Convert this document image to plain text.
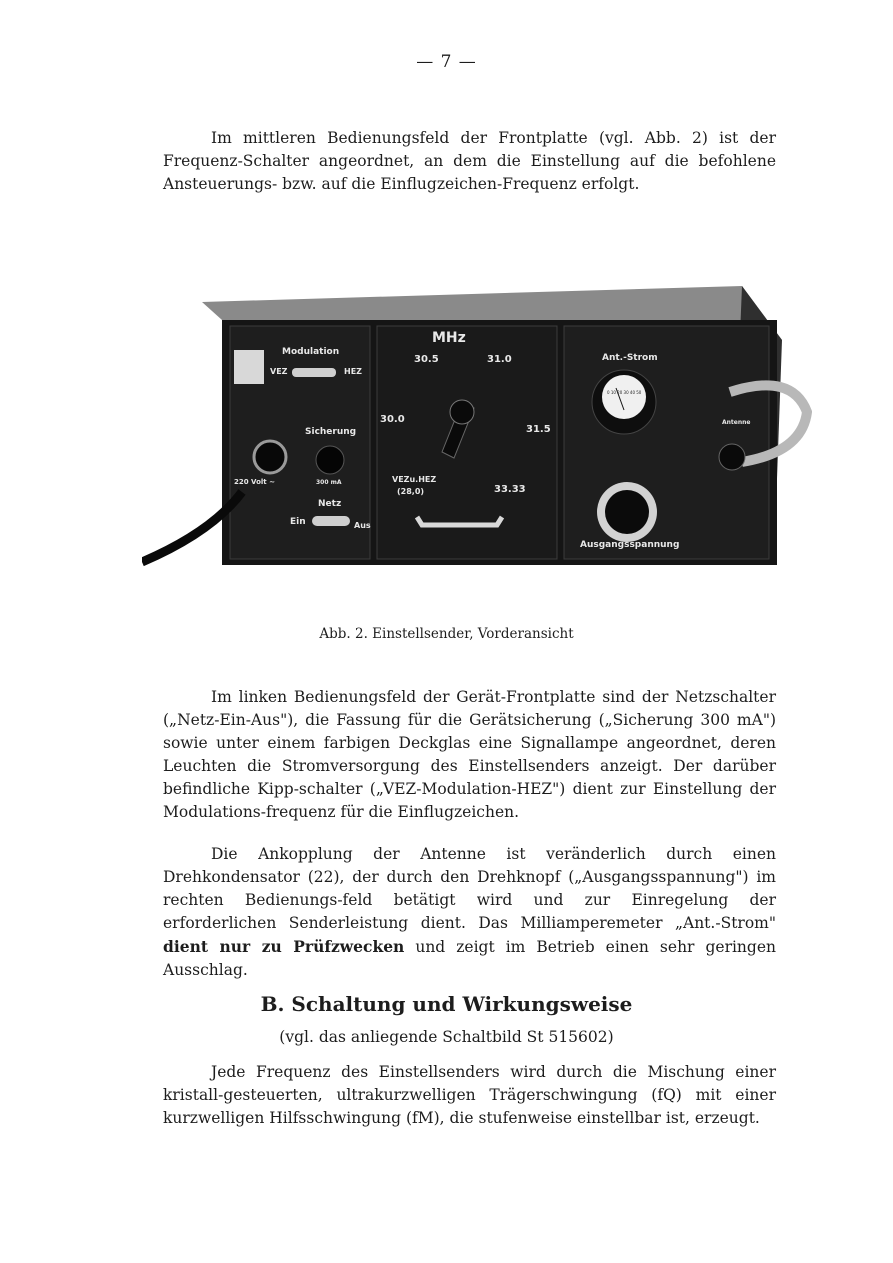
— 7 —

Im mittleren Bedienungsfeld der Frontplatte (vgl. Abb. 2) ist der Frequenz-Schalter angeordnet, an dem die Einstellung auf die befohlene Ansteuerungs- bzw. auf die Einflugzeichen-Frequenz erfolgt.

Modulation
VEZ	HEZ
Sicherung
300 mA
220 Volt ~
Netz
Ein	Aus
MHz
30.5	31.0
30.0
31.5
33.33
VEZu.HEZ
(28,0)
Ant.-Strom
0 10 20 30 40 50
Antenne
Ausgangsspannung
Abb. 2. Einstellsender, Vorderansicht

Im linken Bedienungsfeld der Gerät-Frontplatte sind der Netzschalter („Netz-Ein-Aus"), die Fassung für die Gerätsicherung („Sicherung 300 mA") sowie unter einem farbigen Deckglas eine Signallampe angeordnet, deren Leuchten die Stromversorgung des Einstellsenders anzeigt. Der darüber befindliche Kipp-schalter („VEZ-Modulation-HEZ") dient zur Einstellung der Modulations-frequenz für die Einflugzeichen.

Die Ankopplung der Antenne ist veränderlich durch einen Drehkondensator (22), der durch den Drehknopf („Ausgangsspannung") im rechten Bedienungs-feld betätigt wird und zur Einregelung der erforderlichen Senderleistung dient. Das Milliamperemeter „Ant.-Strom" dient nur zu Prüfzwecken und zeigt im Betrieb einen sehr geringen Ausschlag.

B. Schaltung und Wirkungsweise
(vgl. das anliegende Schaltbild St 515602)

Jede Frequenz des Einstellsenders wird durch die Mischung einer kristall-gesteuerten, ultrakurzwelligen Trägerschwingung (fQ) mit einer kurzwelligen Hilfsschwingung (fM), die stufenweise einstellbar ist, erzeugt.
